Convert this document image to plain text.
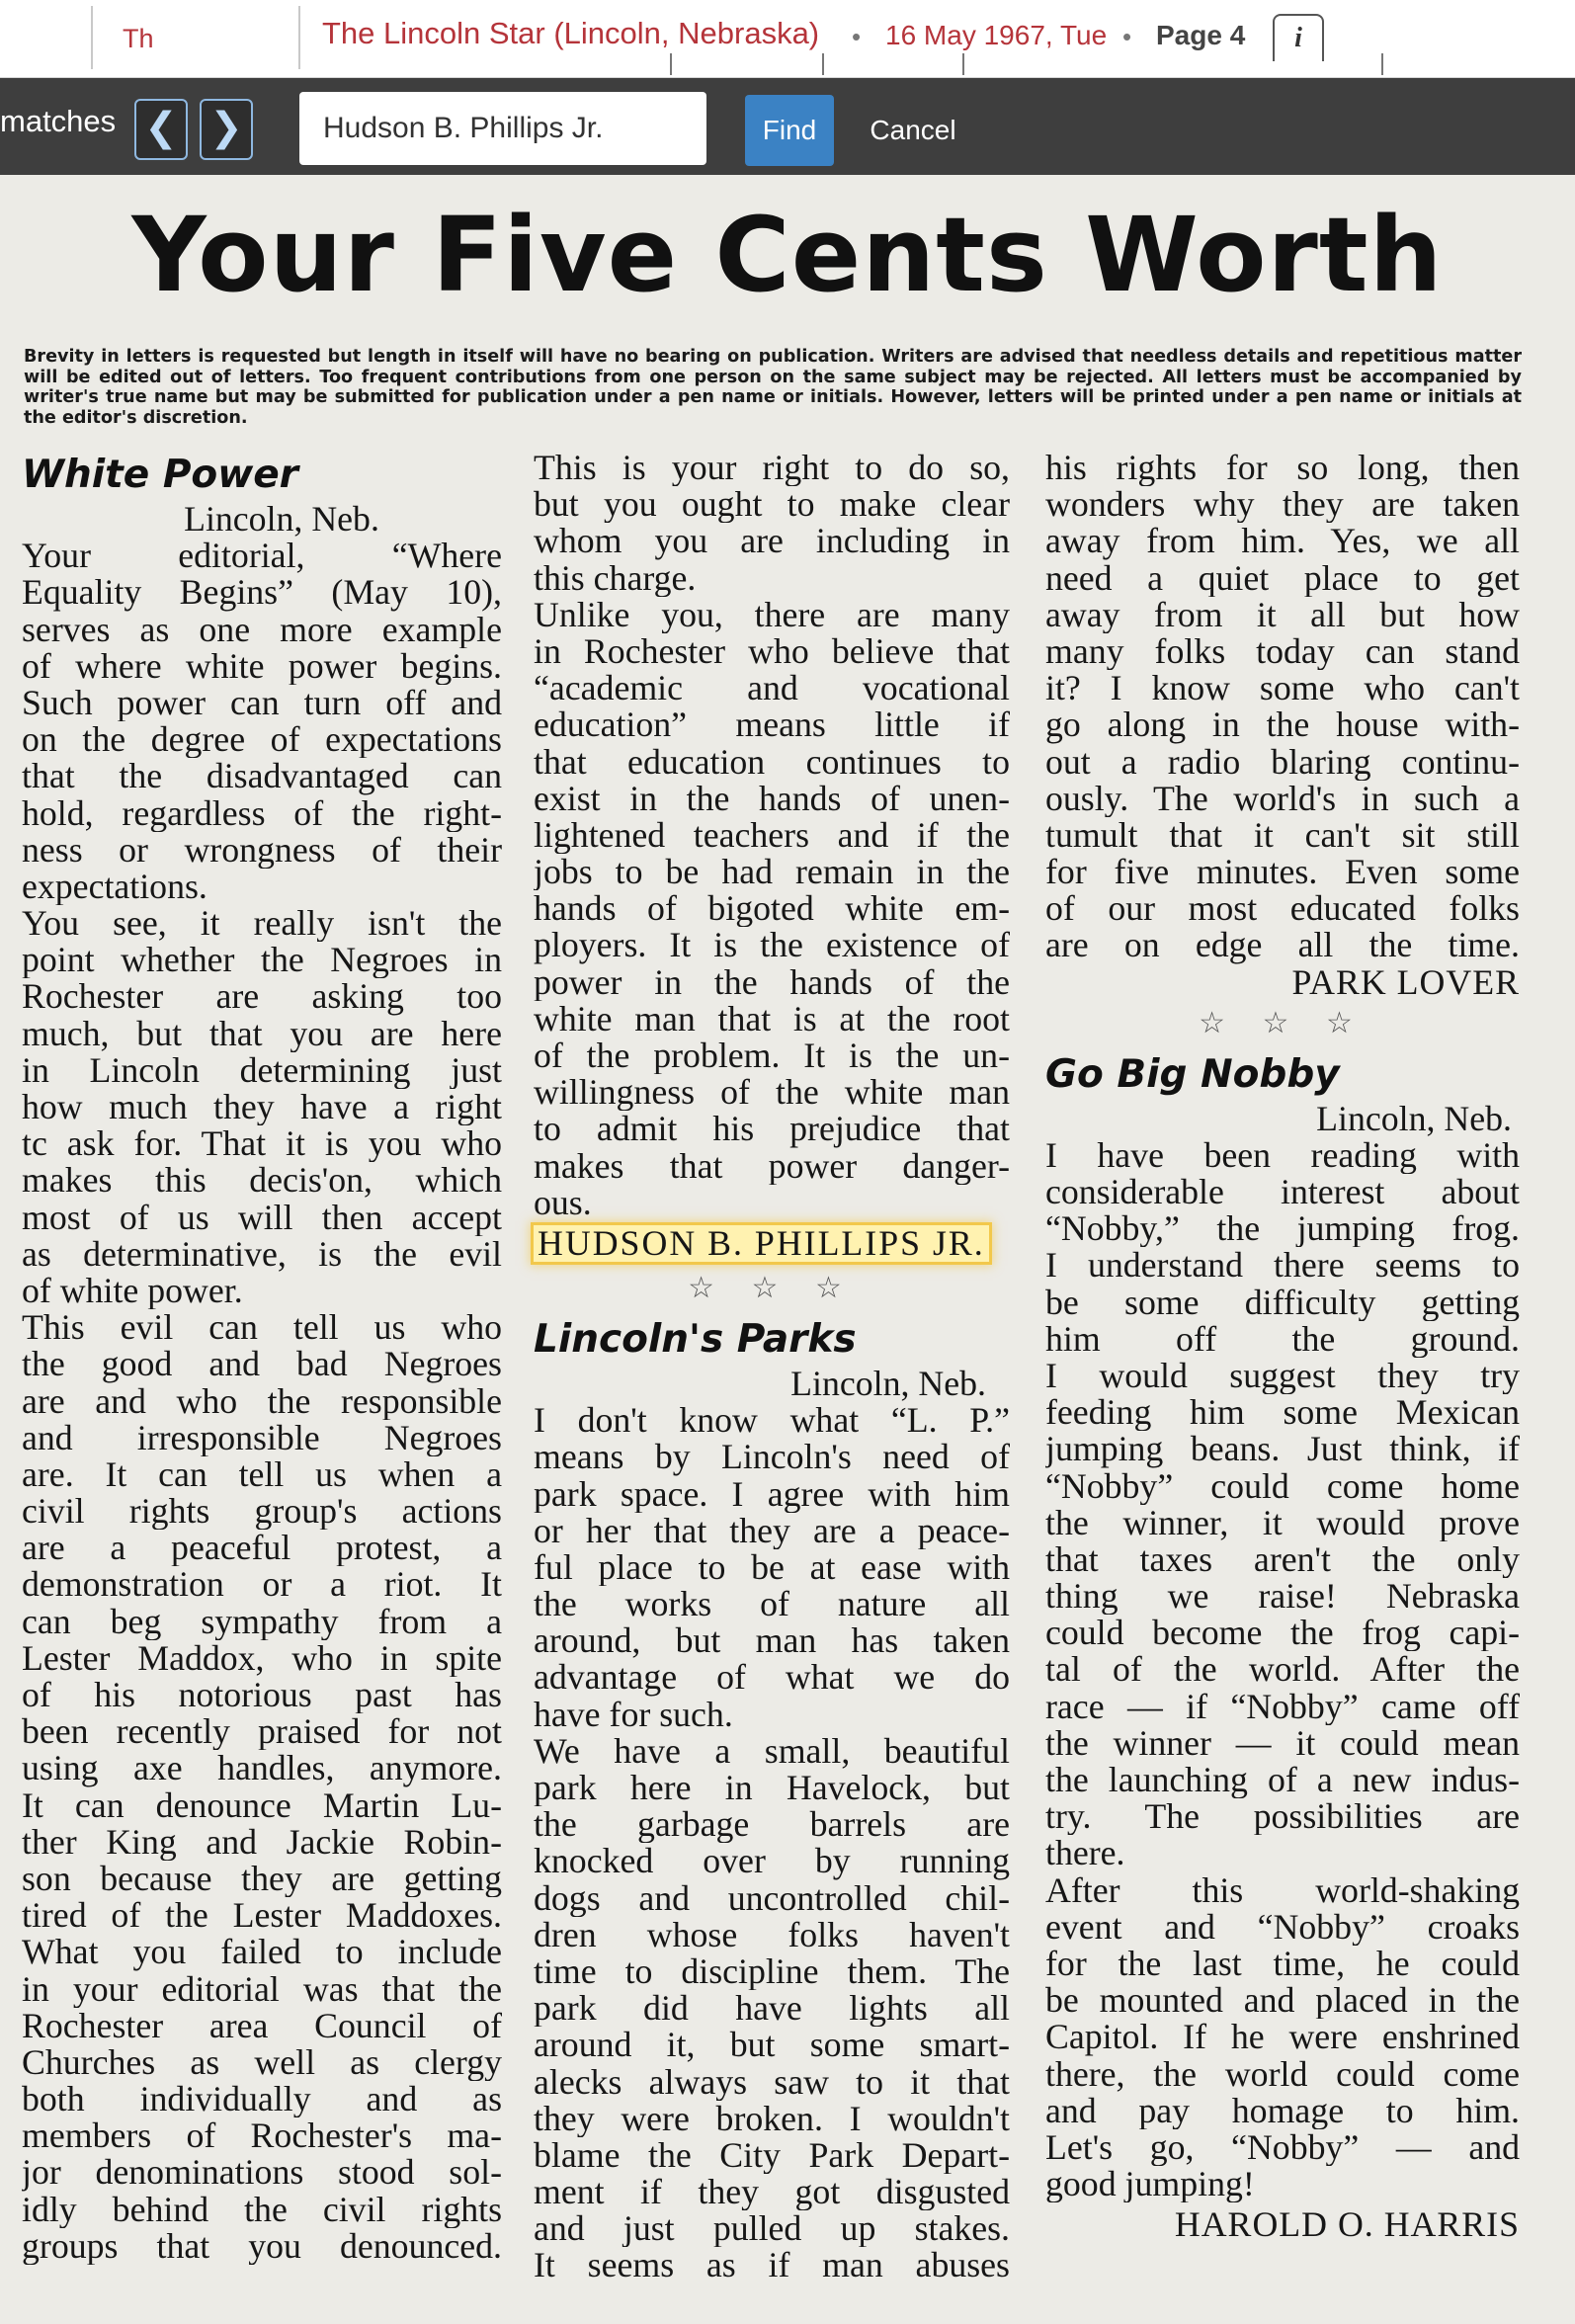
Th	The Lincoln Star (Lincoln, Nebraska) • 16 May 1967, Tue • Page 4	i
matches ❮ ❯
Hudson B. Phillips Jr.	Find	Cancel
Your Five Cents Worth
Brevity in letters is requested but length in itself will have no bearing on publication. Writers are advised that needless details and repetitious matter will be edited out of letters. Too frequent contributions from one person on the same subject may be rejected. All letters must be accompanied by writer's true name but may be submitted for publication under a pen name or initials. However, letters will be printed under a pen name or initials at the editor's discretion.
White Power
Lincoln, Neb.
Your editorial, “Where
Equality Begins” (May 10),
serves as one more example
of where white power begins.
Such power can turn off and
on the degree of expectations
that the disadvantaged can
hold, regardless of the right-
ness or wrongness of their
expectations.
You see, it really isn't the
point whether the Negroes in
Rochester are asking too
much, but that you are here
in Lincoln determining just
how much they have a right
tc ask for. That it is you who
makes this decis'on, which
most of us will then accept
as determinative, is the evil
of white power.
This evil can tell us who
the good and bad Negroes
are and who the responsible
and irresponsible Negroes
are. It can tell us when a
civil rights group's actions
are a peaceful protest, a
demonstration or a riot. It
can beg sympathy from a
Lester Maddox, who in spite
of his notorious past has
been recently praised for not
using axe handles, anymore.
It can denounce Martin Lu-
ther King and Jackie Robin-
son because they are getting
tired of the Lester Maddoxes.
What you failed to include
in your editorial was that the
Rochester area Council of
Churches as well as clergy
both individually and as
members of Rochester's ma-
jor denominations stood sol-
idly behind the civil rights
groups that you denounced.
This is your right to do so,
but you ought to make clear
whom you are including in
this charge.
Unlike you, there are many
in Rochester who believe that
“academic and vocational
education” means little if
that education continues to
exist in the hands of unen-
lightened teachers and if the
jobs to be had remain in the
hands of bigoted white em-
ployers. It is the existence of
power in the hands of the
white man that is at the root
of the problem. It is the un-
willingness of the white man
to admit his prejudice that
makes that power danger-
ous.
HUDSON B. PHILLIPS JR.
☆ ☆ ☆
Lincoln's Parks
Lincoln, Neb.
I don't know what “L. P.”
means by Lincoln's need of
park space. I agree with him
or her that they are a peace-
ful place to be at ease with
the works of nature all
around, but man has taken
advantage of what we do
have for such.
We have a small, beautiful
park here in Havelock, but
the garbage barrels are
knocked over by running
dogs and uncontrolled chil-
dren whose folks haven't
time to discipline them. The
park did have lights all
around it, but some smart-
alecks always saw to it that
they were broken. I wouldn't
blame the City Park Depart-
ment if they got disgusted
and just pulled up stakes.
It seems as if man abuses
his rights for so long, then
wonders why they are taken
away from him. Yes, we all
need a quiet place to get
away from it all but how
many folks today can stand
it? I know some who can't
go along in the house with-
out a radio blaring continu-
ously. The world's in such a
tumult that it can't sit still
for five minutes. Even some
of our most educated folks
are on edge all the time.
PARK LOVER
☆ ☆ ☆
Go Big Nobby
Lincoln, Neb.
I have been reading with
considerable interest about
“Nobby,” the jumping frog.
I understand there seems to
be some difficulty getting
him off the ground.
I would suggest they try
feeding him some Mexican
jumping beans. Just think, if
“Nobby” could come home
the winner, it would prove
that taxes aren't the only
thing we raise! Nebraska
could become the frog capi-
tal of the world. After the
race — if “Nobby” came off
the winner — it could mean
the launching of a new indus-
try. The possibilities are
there.
After this world-shaking
event and “Nobby” croaks
for the last time, he could
be mounted and placed in the
Capitol. If he were enshrined
there, the world could come
and pay homage to him.
Let's go, “Nobby” — and
good jumping!
HAROLD O. HARRIS
